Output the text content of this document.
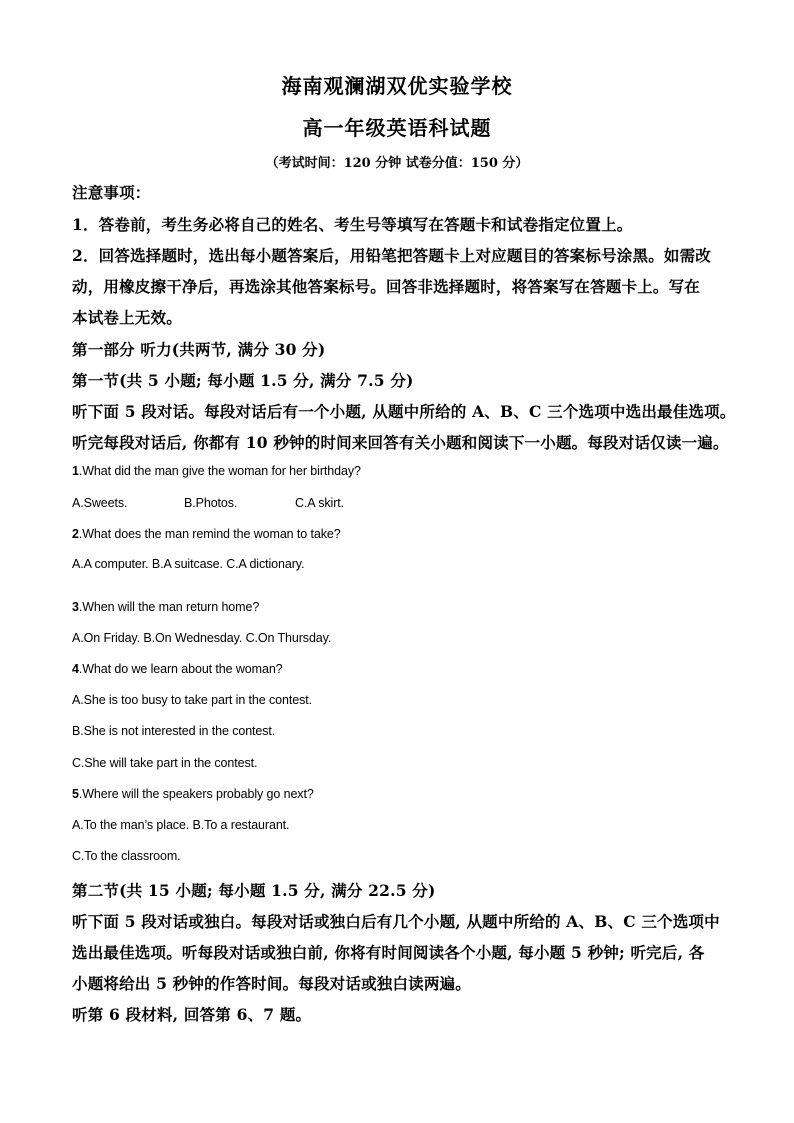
海南观澜湖双优实验学校
高一年级英语科试题
（考试时间：120 分钟 试卷分值：150 分）
注意事项：
1．答卷前，考生务必将自己的姓名、考生号等填写在答题卡和试卷指定位置上。
2．回答选择题时，选出每小题答案后，用铅笔把答题卡上对应题目的答案标号涂黑。如需改
动，用橡皮擦干净后，再选涂其他答案标号。回答非选择题时，将答案写在答题卡上。写在
本试卷上无效。
第一部分 听力(共两节, 满分 30 分)
第一节(共 5 小题; 每小题 1.5 分, 满分 7.5 分)
听下面 5 段对话。每段对话后有一个小题, 从题中所给的 A、B、C 三个选项中选出最佳选项。
听完每段对话后, 你都有 10 秒钟的时间来回答有关小题和阅读下一小题。每段对话仅读一遍。
1.What did the man give the woman for her birthday?
A.Sweets.	B.Photos.	C.A skirt.
2.What does the man remind the woman to take?
A.A computer. B.A suitcase. C.A dictionary.
3.When will the man return home?
A.On Friday. B.On Wednesday. C.On Thursday.
4.What do we learn about the woman?
A.She is too busy to take part in the contest.
B.She is not interested in the contest.
C.She will take part in the contest.
5.Where will the speakers probably go next?
A.To the man’s place. B.To a restaurant.
C.To the classroom.
第二节(共 15 小题; 每小题 1.5 分, 满分 22.5 分)
听下面 5 段对话或独白。每段对话或独白后有几个小题, 从题中所给的 A、B、C 三个选项中
选出最佳选项。听每段对话或独白前, 你将有时间阅读各个小题, 每小题 5 秒钟; 听完后, 各
小题将给出 5 秒钟的作答时间。每段对话或独白读两遍。
听第 6 段材料, 回答第 6、7 题。
